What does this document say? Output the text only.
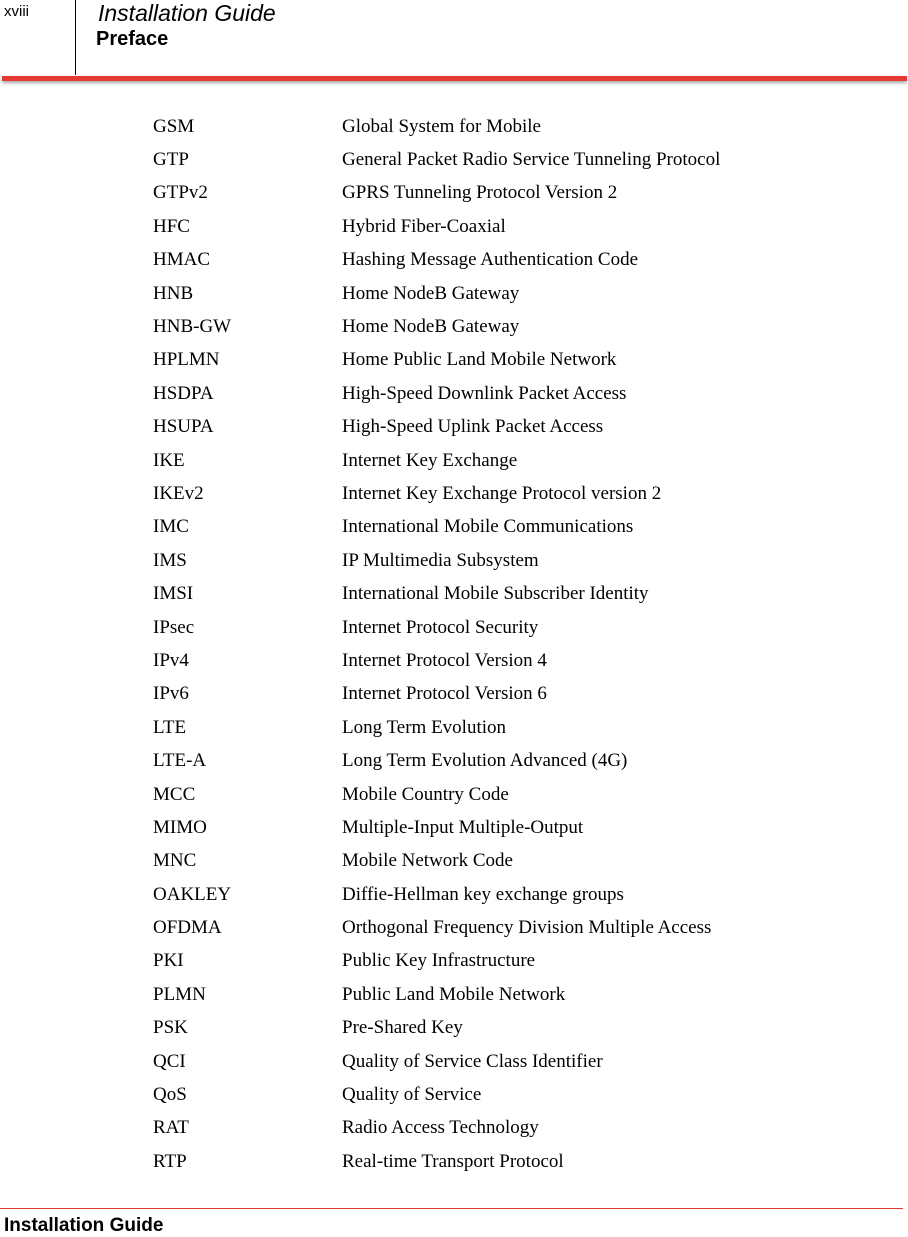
xviii	Installation Guide
Preface
GSM	Global System for Mobile
GTP	General Packet Radio Service Tunneling Protocol
GTPv2	GPRS Tunneling Protocol Version 2
HFC	Hybrid Fiber-Coaxial
HMAC	Hashing Message Authentication Code
HNB	Home NodeB Gateway
HNB-GW	Home NodeB Gateway
HPLMN	Home Public Land Mobile Network
HSDPA	High-Speed Downlink Packet Access
HSUPA	High-Speed Uplink Packet Access
IKE	Internet Key Exchange
IKEv2	Internet Key Exchange Protocol version 2
IMC	International Mobile Communications
IMS	IP Multimedia Subsystem
IMSI	International Mobile Subscriber Identity
IPsec	Internet Protocol Security
IPv4	Internet Protocol Version 4
IPv6	Internet Protocol Version 6
LTE	Long Term Evolution
LTE-A	Long Term Evolution Advanced (4G)
MCC	Mobile Country Code
MIMO	Multiple-Input Multiple-Output
MNC	Mobile Network Code
OAKLEY	Diffie-Hellman key exchange groups
OFDMA	Orthogonal Frequency Division Multiple Access
PKI	Public Key Infrastructure
PLMN	Public Land Mobile Network
PSK	Pre-Shared Key
QCI	Quality of Service Class Identifier
QoS	Quality of Service
RAT	Radio Access Technology
RTP	Real-time Transport Protocol
Installation Guide
